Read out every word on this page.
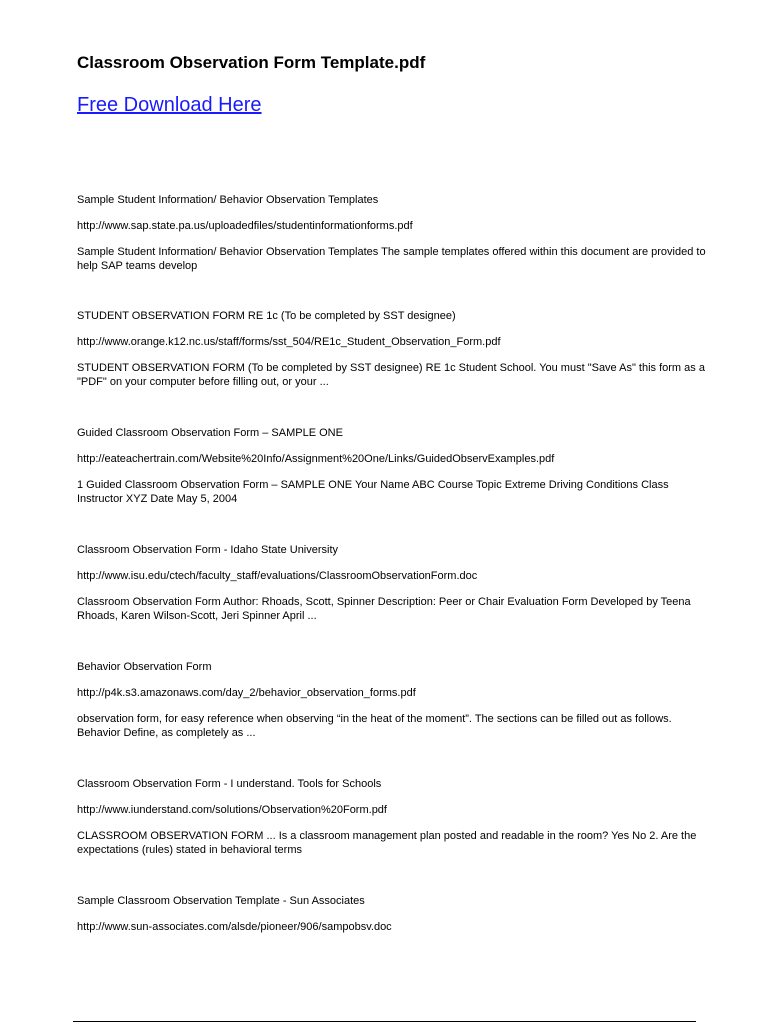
Classroom Observation Form Template.pdf
Free Download Here
Sample Student Information/ Behavior Observation Templates
http://www.sap.state.pa.us/uploadedfiles/studentinformationforms.pdf
Sample Student Information/ Behavior Observation Templates The sample templates offered within this document are provided to help SAP teams develop
STUDENT OBSERVATION FORM RE 1c (To be completed by SST designee)
http://www.orange.k12.nc.us/staff/forms/sst_504/RE1c_Student_Observation_Form.pdf
STUDENT OBSERVATION FORM (To be completed by SST designee) RE 1c Student School. You must "Save As" this form as a "PDF" on your computer before filling out, or your ...
Guided Classroom Observation Form – SAMPLE ONE
http://eateachertrain.com/Website%20Info/Assignment%20One/Links/GuidedObservExamples.pdf
1 Guided Classroom Observation Form – SAMPLE ONE Your Name ABC Course Topic Extreme Driving Conditions Class Instructor XYZ Date May 5, 2004
Classroom Observation Form - Idaho State University
http://www.isu.edu/ctech/faculty_staff/evaluations/ClassroomObservationForm.doc
Classroom Observation Form Author: Rhoads, Scott, Spinner Description: Peer or Chair Evaluation Form Developed by Teena Rhoads, Karen Wilson-Scott, Jeri Spinner April ...
Behavior Observation Form
http://p4k.s3.amazonaws.com/day_2/behavior_observation_forms.pdf
observation form, for easy reference when observing “in the heat of the moment”. The sections can be filled out as follows. Behavior Define, as completely as ...
Classroom Observation Form - I understand. Tools for Schools
http://www.iunderstand.com/solutions/Observation%20Form.pdf
CLASSROOM OBSERVATION FORM ... Is a classroom management plan posted and readable in the room? Yes No 2. Are the expectations (rules) stated in behavioral terms
Sample Classroom Observation Template - Sun Associates
http://www.sun-associates.com/alsde/pioneer/906/sampobsv.doc
